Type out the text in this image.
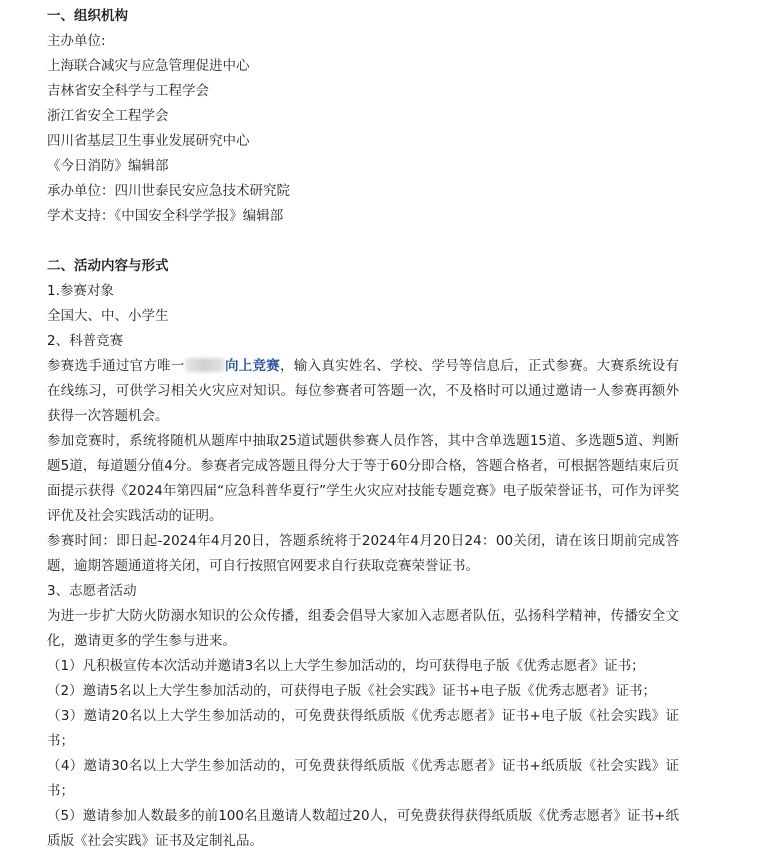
一、组织机构
主办单位:
上海联合减灾与应急管理促进中心
吉林省安全科学与工程学会
浙江省安全工程学会
四川省基层卫生事业发展研究中心
《今日消防》编辑部
承办单位：四川世泰民安应急技术研究院
学术支持：《中国安全科学学报》编辑部
二、活动内容与形式
1.参赛对象
全国大、中、小学生
2、科普竞赛
参赛选手通过官方唯一	向上竞赛，输入真实姓名、学校、学号等信息后，正式参赛。大赛系统设有在线练习，可供学习相关火灾应对知识。每位参赛者可答题一次，不及格时可以通过邀请一人参赛再额外获得一次答题机会。
参加竞赛时，系统将随机从题库中抽取25道试题供参赛人员作答，其中含单选题15道、多选题5道、判断题5道，每道题分值4分。参赛者完成答题且得分大于等于60分即合格，答题合格者，可根据答题结束后页面提示获得《2024年第四届“应急科普华夏行”学生火灾应对技能专题竞赛》电子版荣誉证书，可作为评奖评优及社会实践活动的证明。
参赛时间：即日起-2024年4月20日，答题系统将于2024年4月20日24：00关闭，请在该日期前完成答题，逾期答题通道将关闭，可自行按照官网要求自行获取竞赛荣誉证书。
3、志愿者活动
为进一步扩大防火防溺水知识的公众传播，组委会倡导大家加入志愿者队伍，弘扬科学精神，传播安全文化，邀请更多的学生参与进来。
（1）凡积极宣传本次活动并邀请3名以上大学生参加活动的，均可获得电子版《优秀志愿者》证书；
（2）邀请5名以上大学生参加活动的，可获得电子版《社会实践》证书+电子版《优秀志愿者》证书；
（3）邀请20名以上大学生参加活动的，可免费获得纸质版《优秀志愿者》证书+电子版《社会实践》证书；
（4）邀请30名以上大学生参加活动的，可免费获得纸质版《优秀志愿者》证书+纸质版《社会实践》证书；
（5）邀请参加人数最多的前100名且邀请人数超过20人，可免费获得获得纸质版《优秀志愿者》证书+纸质版《社会实践》证书及定制礼品。
